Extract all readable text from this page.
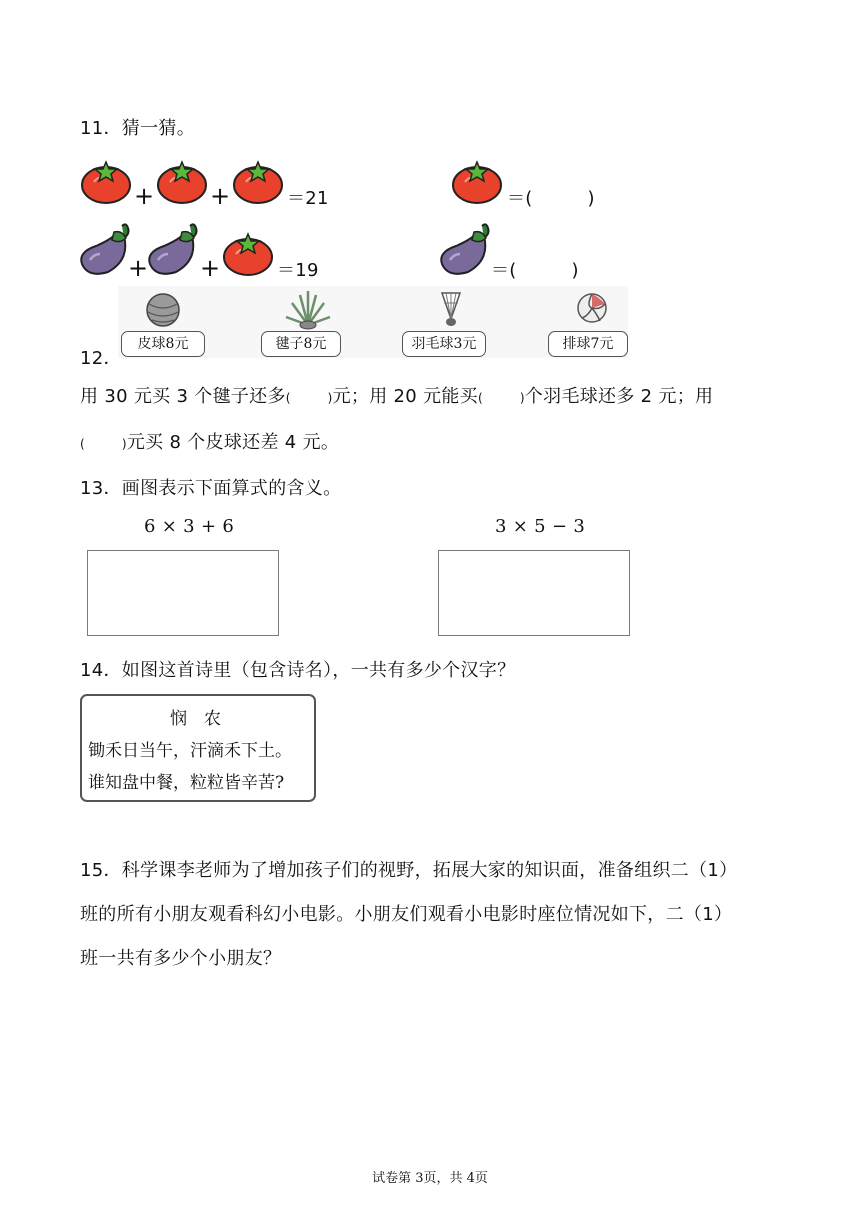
11．猜一猜。
+ +	＝21	＝(　　　)
+ +	＝19	＝(　　　)
皮球8元	毽子8元	羽毛球3元	排球7元
12．
用 30 元买 3 个毽子还多(　　　)元；用 20 元能买(　　　)个羽毛球还多 2 元；用
(　　　)元买 8 个皮球还差 4 元。
13．画图表示下面算式的含义。
6 × 3 + 6	3 × 5 − 3
14．如图这首诗里（包含诗名），一共有多少个汉字？
悯　农
锄禾日当午，汗滴禾下土。
谁知盘中餐，粒粒皆辛苦?
15．科学课李老师为了增加孩子们的视野，拓展大家的知识面，准备组织二（1）
班的所有小朋友观看科幻小电影。小朋友们观看小电影时座位情况如下，二（1）
班一共有多少个小朋友？
试卷第 3页，共 4页
